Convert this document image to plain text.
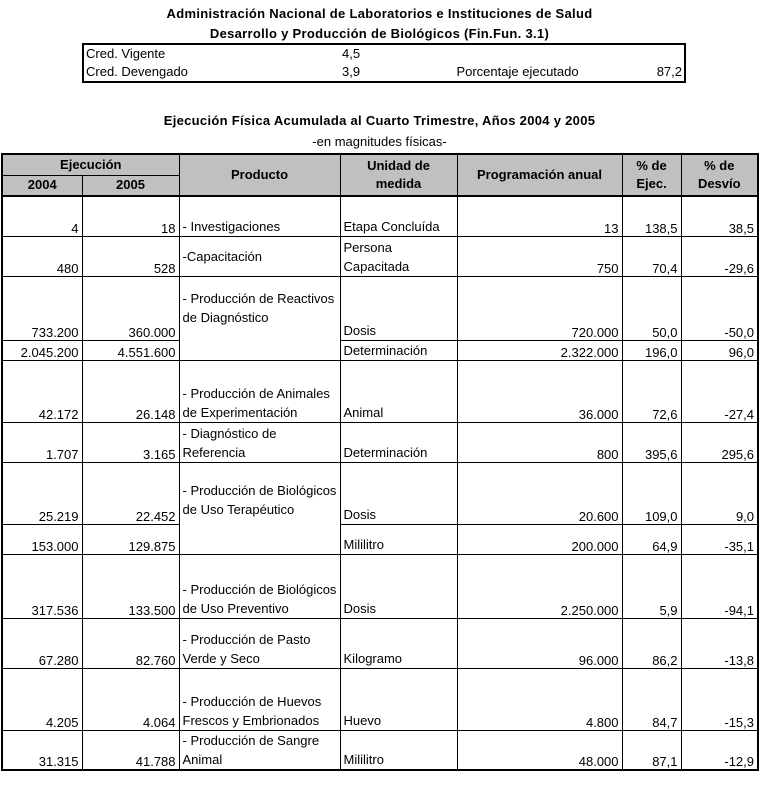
Administración Nacional de Laboratorios e Instituciones de Salud
Desarrollo y Producción de Biológicos (Fin.Fun. 3.1)
Cred. Vigente	4,5		
Cred. Devengado	3,9	Porcentaje ejecutado	87,2
Ejecución Física Acumulada al Cuarto Trimestre, Años 2004 y 2005
-en magnitudes físicas-
Ejecución		Producto	Unidad de medida	Programación anual	% de Ejec.	% de Desvío
2004	2005					
4	18	- Investigaciones	Etapa Concluída	13	138,5	38,5
480	528	-Capacitación	Persona Capacitada	750	70,4	-29,6
733.200	360.000	- Producción de Reactivos de Diagnóstico	Dosis	720.000	50,0	-50,0
2.045.200	4.551.600		Determinación	2.322.000	196,0	96,0
42.172	26.148	- Producción de Animales de Experimentación	Animal	36.000	72,6	-27,4
1.707	3.165	- Diagnóstico de Referencia	Determinación	800	395,6	295,6
25.219	22.452	- Producción de Biológicos de Uso Terapéutico	Dosis	20.600	109,0	9,0
153.000	129.875		Mililitro	200.000	64,9	-35,1
317.536	133.500	- Producción de Biológicos de Uso Preventivo	Dosis	2.250.000	5,9	-94,1
67.280	82.760	- Producción de Pasto Verde y Seco	Kilogramo	96.000	86,2	-13,8
4.205	4.064	- Producción de Huevos Frescos y Embrionados	Huevo	4.800	84,7	-15,3
31.315	41.788	- Producción de Sangre Animal	Mililitro	48.000	87,1	-12,9
